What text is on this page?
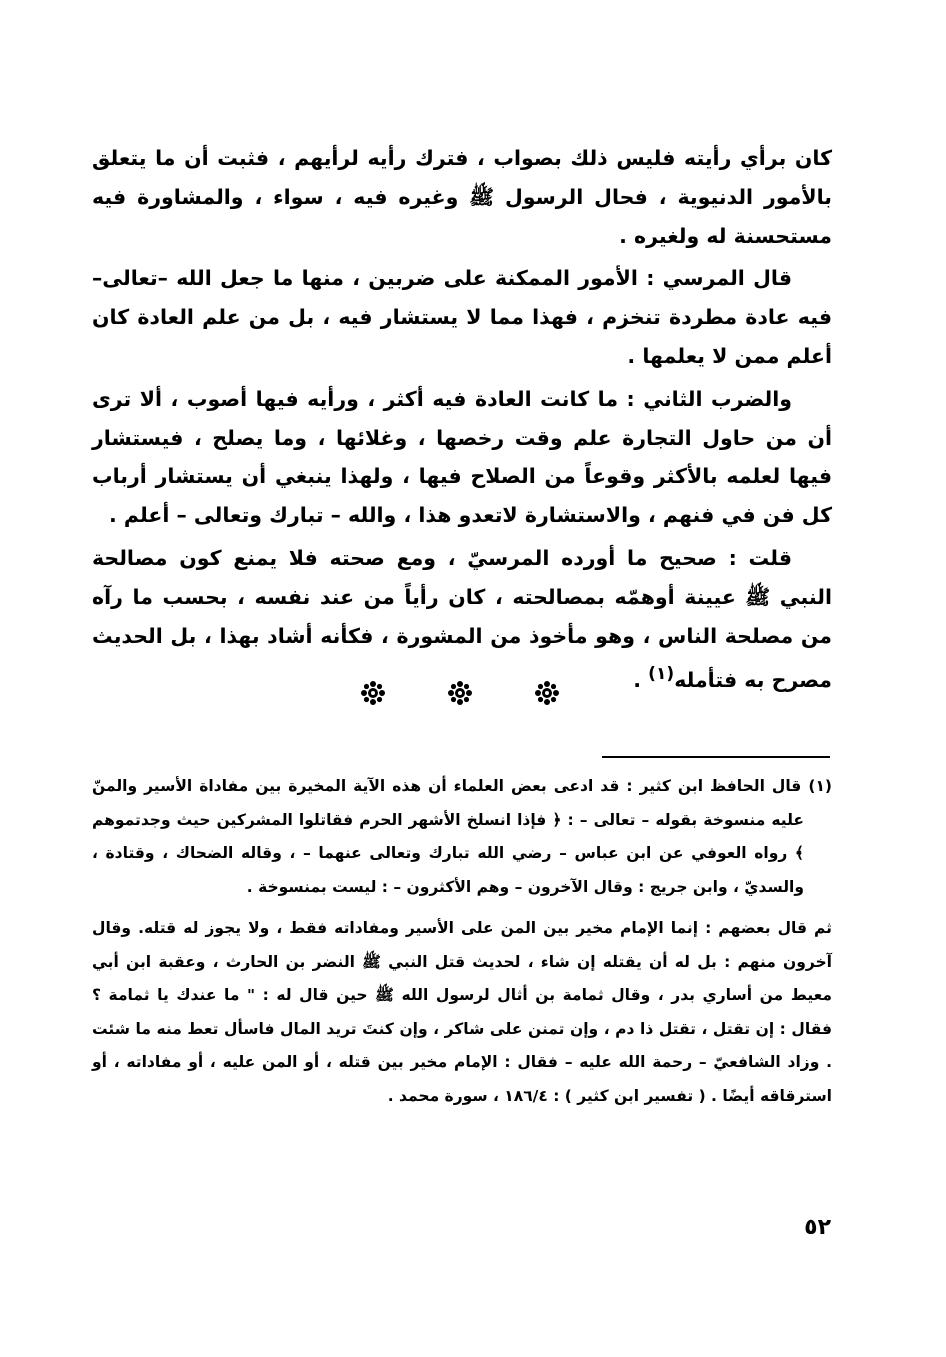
كان برأي رأيته فليس ذلك بصواب ، فترك رأيه لرأيهم ، فثبت أن ما يتعلق بالأمور الدنيوية ، فحال الرسول ﷺ وغيره فيه ، سواء ، والمشاورة فيه مستحسنة له ولغيره .

قال المرسي : الأمور الممكنة على ضربين ، منها ما جعل الله –تعالى– فيه عادة مطردة تنخزم ، فهذا مما لا يستشار فيه ، بل من علم العادة كان أعلم ممن لا يعلمها .

والضرب الثاني : ما كانت العادة فيه أكثر ، ورأيه فيها أصوب ، ألا ترى أن من حاول التجارة علم وقت رخصها ، وغلائها ، وما يصلح ، فيستشار فيها لعلمه بالأكثر وقوعاً من الصلاح فيها ، ولهذا ينبغي أن يستشار أرباب كل فن في فنهم ، والاستشارة لاتعدو هذا ، والله – تبارك وتعالى – أعلم .

قلت : صحيح ما أورده المرسيّ ، ومع صحته فلا يمنع كون مصالحة النبي ﷺ عيينة أوهمّه بمصالحته ، كان رأياً من عند نفسه ، بحسب ما رآه من مصلحة الناس ، وهو مأخوذ من المشورة ، فكأنه أشاد بهذا ، بل الحديث مصرح به فتأمله$^{(١)}$ .

(١) قال الحافظ ابن كثير : قد ادعى بعض العلماء أن هذه الآية المخيرة بين مفاداة الأسير والمنّ عليه منسوخة بقوله – تعالى – : ﴿ فإذا انسلخ الأشهر الحرم فقاتلوا المشركين حيث وجدتموهم ﴾ رواه العوفي عن ابن عباس – رضي الله تبارك وتعالى عنهما – ، وقاله الضحاك ، وقتادة ، والسديّ ، وابن جريج : وقال الآخرون – وهم الأكثرون – : ليست بمنسوخة .

ثم قال بعضهم : إنما الإمام مخير بين المن على الأسير ومفاداته فقط ، ولا يجوز له قتله. وقال آخرون منهم : بل له أن يقتله إن شاء ، لحديث قتل النبي ﷺ النضر بن الحارث ، وعقبة ابن أبي معيط من أساري بدر ، وقال ثمامة بن أثال لرسول الله ﷺ حين قال له : " ما عندك يا ثمامة ؟ فقال : إن تقتل ، تقتل ذا دم ، وإن تمنن على شاكر ، وإن كنتَ تريد المال فاسأل تعط منه ما شئت . وزاد الشافعيّ – رحمة الله عليه – فقال : الإمام مخير بين قتله ، أو المن عليه ، أو مفاداته ، أو استرقاقه أيضًا . ( تفسير ابن كثير ) : ١٨٦/٤ ، سورة محمد .

٥٢
